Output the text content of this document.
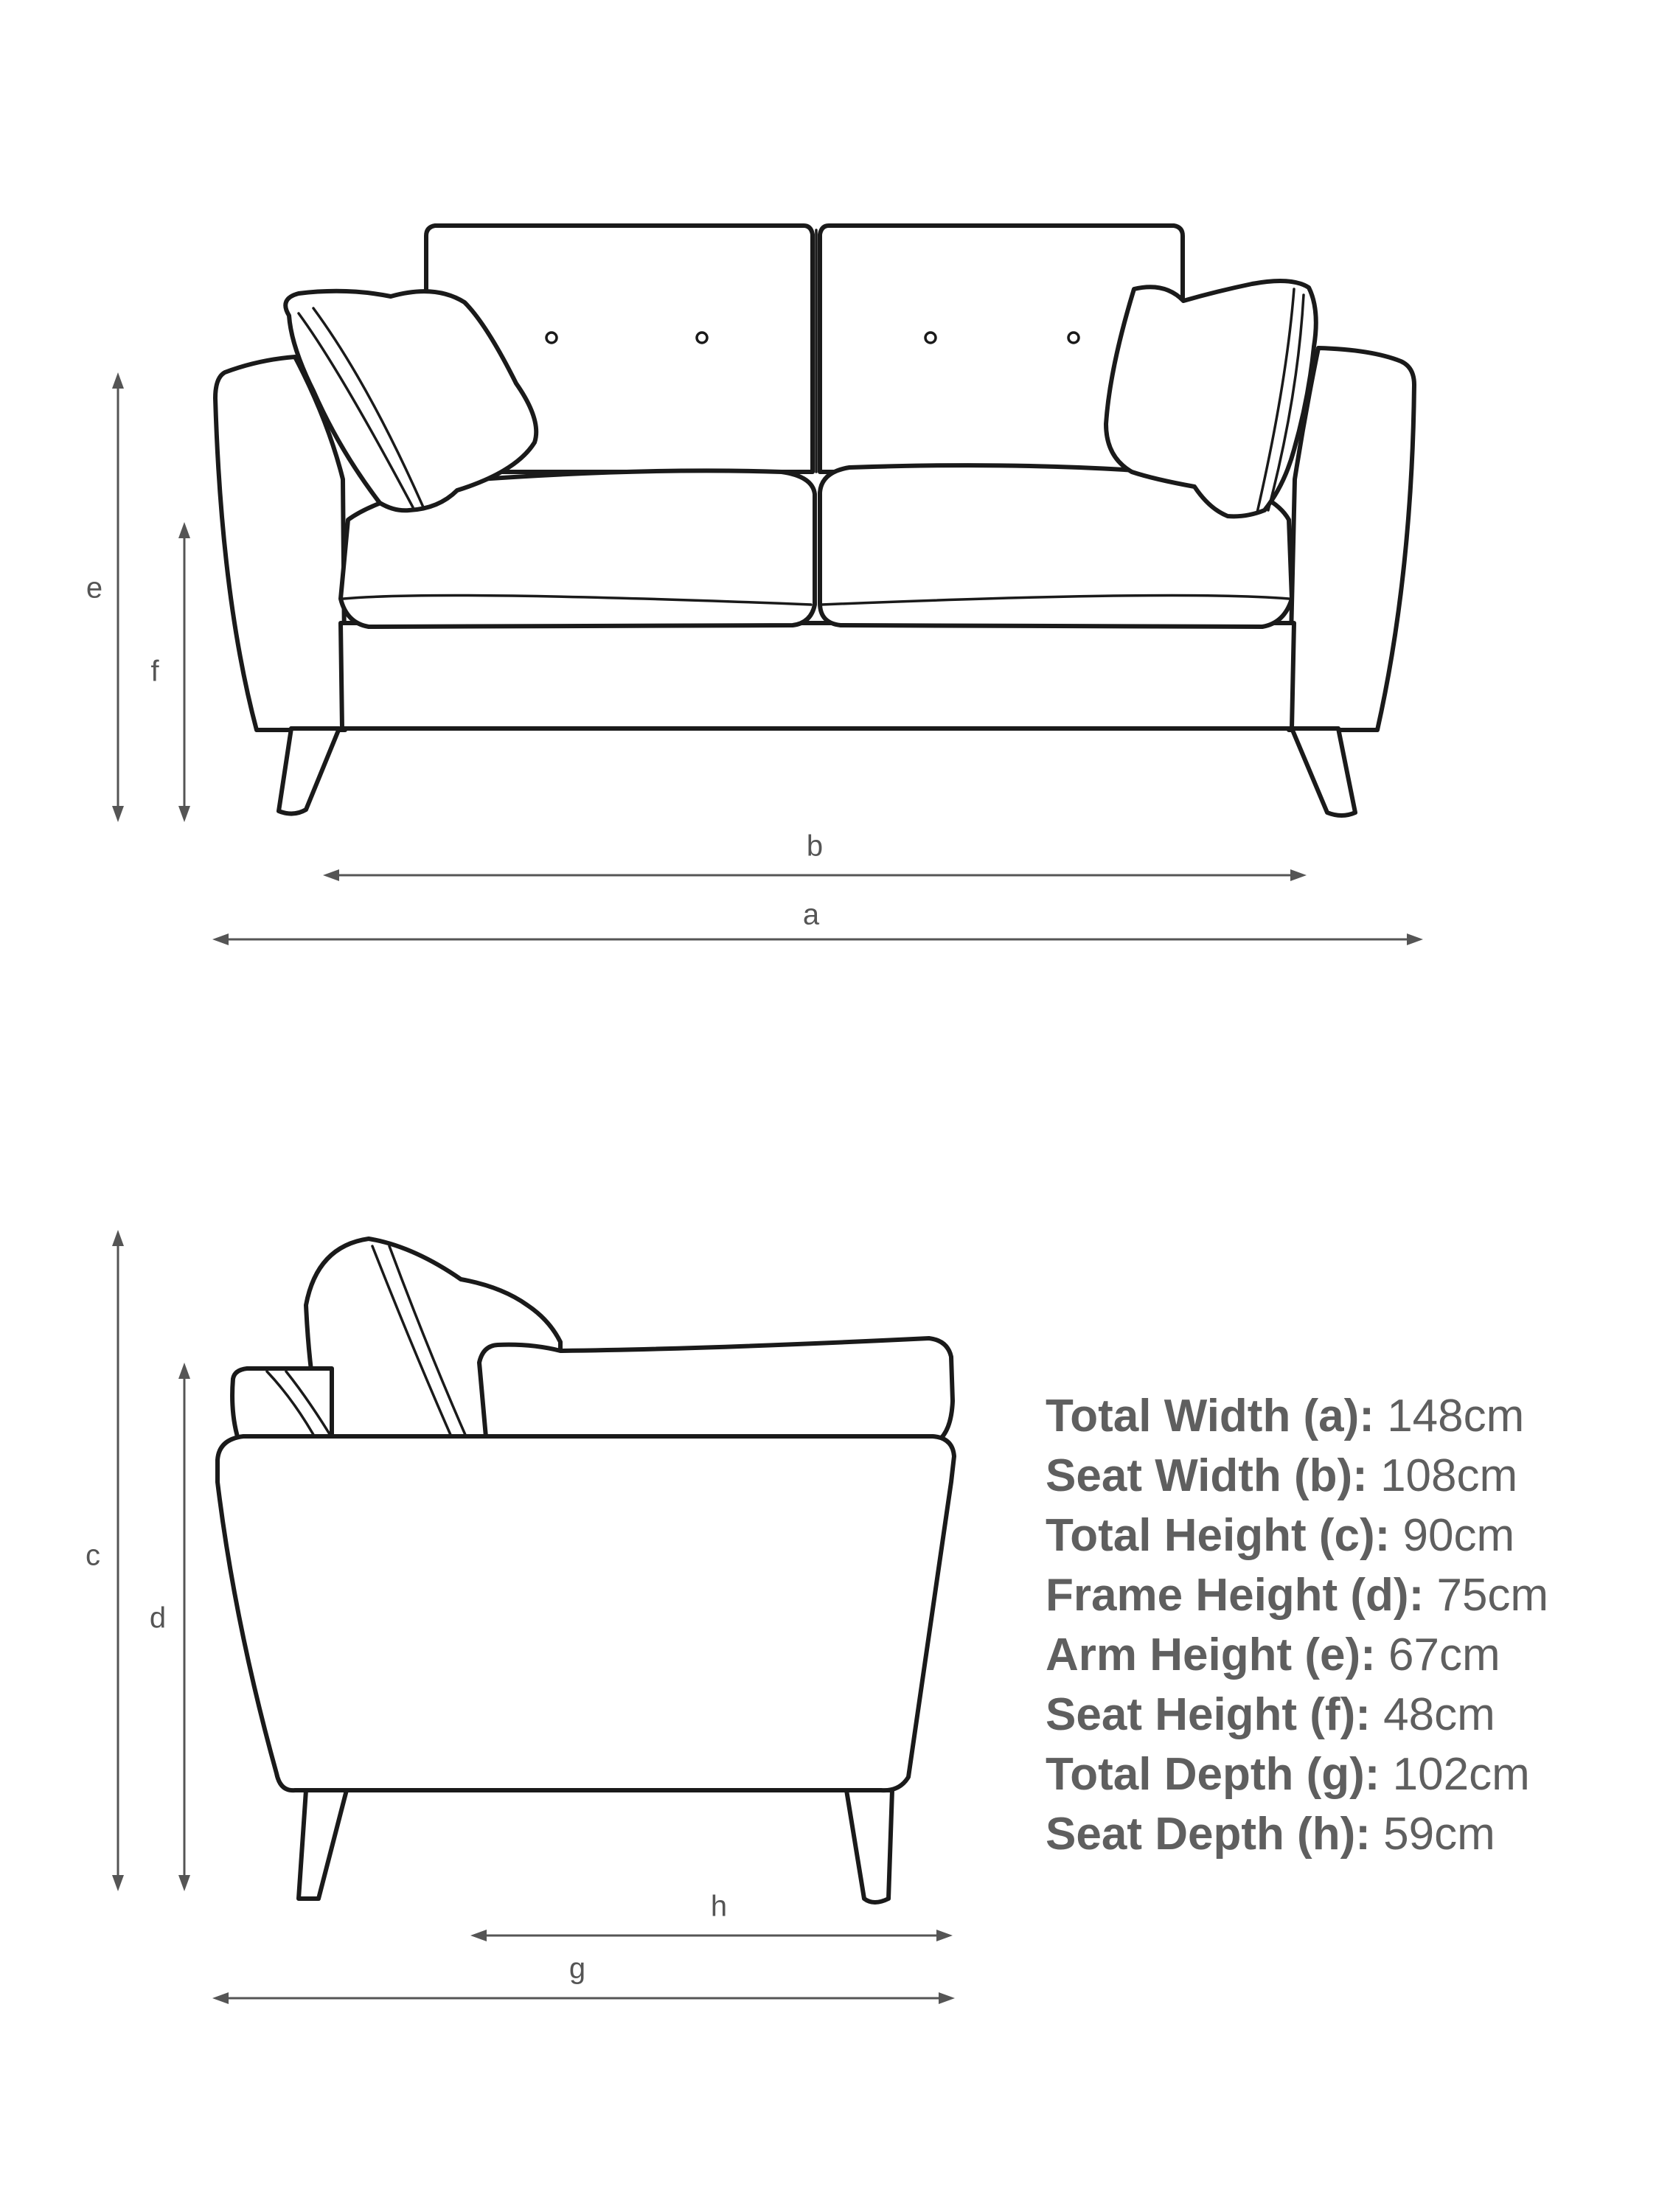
e
f
b
a
c
d
h
g
Total Width (a): 148cm
Seat Width (b): 108cm
Total Height (c): 90cm
Frame Height (d): 75cm
Arm Height (e): 67cm
Seat Height (f): 48cm
Total Depth (g): 102cm
Seat Depth (h): 59cm
